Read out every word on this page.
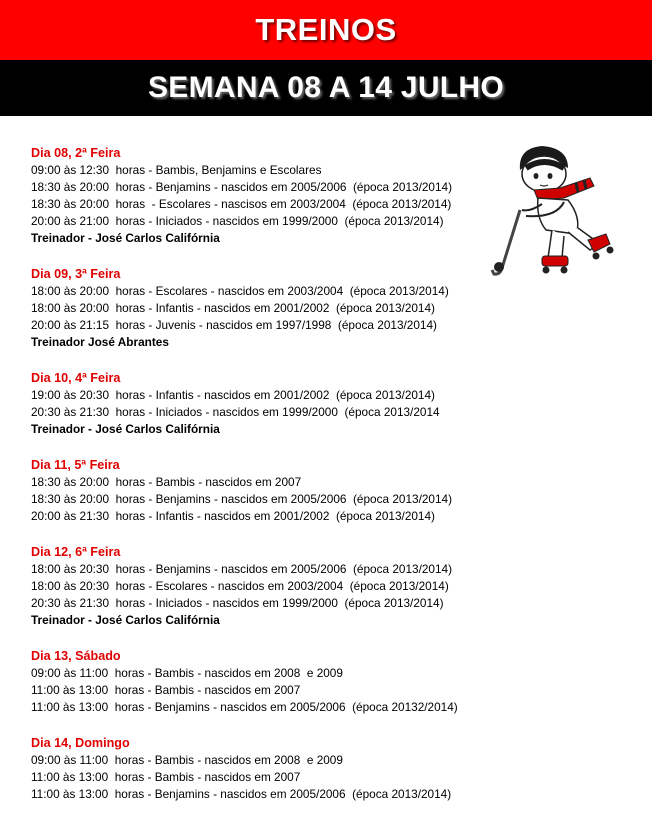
TREINOS
SEMANA 08 A 14 JULHO
Dia 08, 2ª Feira
09:00 às 12:30  horas - Bambis, Benjamins e Escolares
18:30 às 20:00  horas - Benjamins - nascidos em 2005/2006  (época 2013/2014)
18:30 às 20:00  horas  - Escolares - nascisos em 2003/2004  (época 2013/2014)
20:00 às 21:00  horas - Iniciados - nascidos em 1999/2000  (época 2013/2014)
Treinador - José Carlos Califórnia
Dia 09, 3ª Feira
18:00 às 20:00  horas - Escolares - nascidos em 2003/2004  (época 2013/2014)
18:00 às 20:00  horas - Infantis - nascidos em 2001/2002  (época 2013/2014)
20:00 às 21:15  horas - Juvenis - nascidos em 1997/1998  (época 2013/2014)
Treinador José Abrantes
Dia 10, 4ª Feira
19:00 às 20:30  horas - Infantis - nascidos em 2001/2002  (época 2013/2014)
20:30 às 21:30  horas - Iniciados - nascidos em 1999/2000  (época 2013/2014
Treinador - José Carlos Califórnia
Dia 11, 5ª Feira
18:30 às 20:00  horas - Bambis - nascidos em 2007
18:30 às 20:00  horas - Benjamins - nascidos em 2005/2006  (época 2013/2014)
20:00 às 21:30  horas - Infantis - nascidos em 2001/2002  (época 2013/2014)
Dia 12, 6ª Feira
18:00 às 20:30  horas - Benjamins - nascidos em 2005/2006  (época 2013/2014)
18:00 às 20:30  horas - Escolares - nascidos em 2003/2004  (época 2013/2014)
20:30 às 21:30  horas - Iniciados - nascidos em 1999/2000  (época 2013/2014)
Treinador - José Carlos Califórnia
Dia 13, Sábado
09:00 às 11:00  horas - Bambis - nascidos em 2008  e 2009
11:00 às 13:00  horas - Bambis - nascidos em 2007
11:00 às 13:00  horas - Benjamins - nascidos em 2005/2006  (época 20132/2014)
Dia 14, Domingo
09:00 às 11:00  horas - Bambis - nascidos em 2008  e 2009
11:00 às 13:00  horas - Bambis - nascidos em 2007
11:00 às 13:00  horas - Benjamins - nascidos em 2005/2006  (época 2013/2014)
